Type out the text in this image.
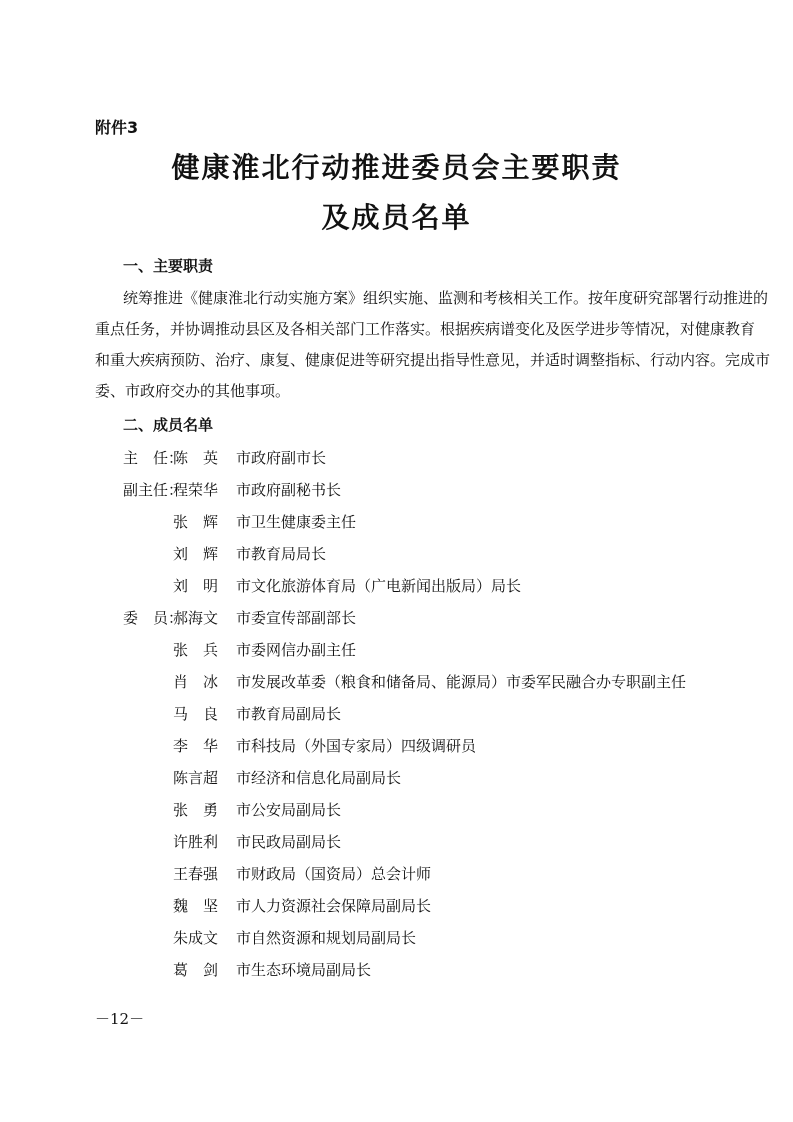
附件3
健康淮北行动推进委员会主要职责
及成员名单
一、主要职责
统筹推进《健康淮北行动实施方案》组织实施、监测和考核相关工作。按年度研究部署行动推进的
重点任务，并协调推动县区及各相关部门工作落实。根据疾病谱变化及医学进步等情况，对健康教育
和重大疾病预防、治疗、康复、健康促进等研究提出指导性意见，并适时调整指标、行动内容。完成市
委、市政府交办的其他事项。
二、成员名单
主　任：
陈　英	市政府副市长
副主任：
程荣华	市政府副秘书长
张　辉	市卫生健康委主任
刘　辉	市教育局局长
刘　明	市文化旅游体育局（广电新闻出版局）局长
委　员：
郝海文	市委宣传部副部长
张　兵	市委网信办副主任
肖　冰	市发展改革委（粮食和储备局、能源局）市委军民融合办专职副主任
马　良	市教育局副局长
李　华	市科技局（外国专家局）四级调研员
陈言超	市经济和信息化局副局长
张　勇	市公安局副局长
许胜利	市民政局副局长
王春强	市财政局（国资局）总会计师
魏　坚	市人力资源社会保障局副局长
朱成文	市自然资源和规划局副局长
葛　剑	市生态环境局副局长
－12－
